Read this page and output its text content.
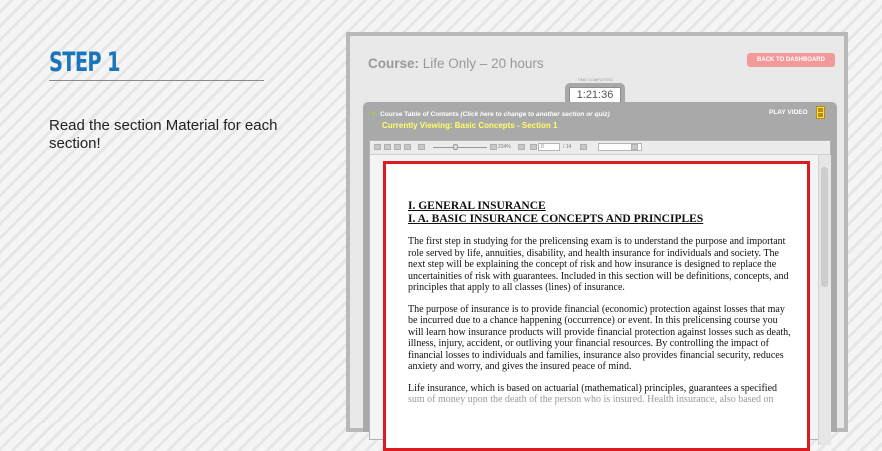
STEP 1
Read the section Material for each section!
Course: Life Only – 20 hours	BACK TO DASHBOARD
TIME COMPLETED
1:21:36
+ Course Table of Contents (Click here to change to another section or quiz)
Currently Viewing: Basic Concepts - Section 1
PLAY VIDEO
234%	0	/ 14
I. GENERAL INSURANCE
I. A. BASIC INSURANCE CONCEPTS AND PRINCIPLES
The first step in studying for the prelicensing exam is to understand the purpose and important role served by life, annuities, disability, and health insurance for individuals and society. The next step will be explaining the concept of risk and how insurance is designed to replace the uncertainities of risk with guarantees. Included in this section will be definitions, concepts, and principles that apply to all classes (lines) of insurance.
The purpose of insurance is to provide financial (economic) protection against losses that may be incurred due to a chance happening (occurrence) or event. In this prelicensing course you will learn how insurance products will provide financial protection against losses such as death, illness, injury, accident, or outliving your financial resources. By controlling the impact of financial losses to individuals and families, insurance also provides financial security, reduces anxiety and worry, and gives the insured peace of mind.
Life insurance, which is based on actuarial (mathematical) principles, guarantees a specified
sum of money upon the death of the person who is insured. Health insurance, also based on
